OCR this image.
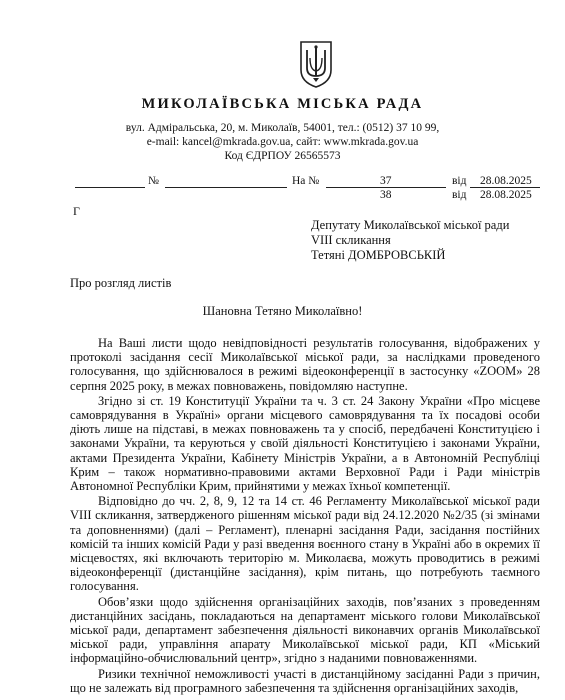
МИКОЛАЇВСЬКА МІСЬКА РАДА
вул. Адміральська, 20, м. Миколаїв, 54001, тел.: (0512) 37 10 99,
e-mail: kancel@mkrada.gov.ua, сайт: www.mkrada.gov.ua
Код ЄДРПОУ 26565573
№	На №	37
38
від
від
28.08.2025
28.08.2025
Г
Депутату Миколаївської міської ради
VIII скликання
Тетяні ДОМБРОВСЬКІЙ
Про розгляд листів
Шановна Тетяно Миколаївно!

На Ваші листи щодо невідповідності результатів голосування, відображених у протоколі засідання сесії Миколаївської міської ради, за наслідками проведеного голосування, що здійснювалося в режимі відеоконференції в застосунку «ZOOM» 28 серпня 2025 року, в межах повноважень, повідомляю наступне.

Згідно зі ст. 19 Конституції України та ч. 3 ст. 24 Закону України «Про місцеве самоврядування в Україні» органи місцевого самоврядування та їх посадові особи діють лише на підставі, в межах повноважень та у спосіб, передбачені Конституцією і законами України, та керуються у своїй діяльності Конституцією і законами України, актами Президента України, Кабінету Міністрів України, а в Автономній Республіці Крим – також нормативно-правовими актами Верховної Ради і Ради міністрів Автономної Республіки Крим, прийнятими у межах їхньої компетенції.

Відповідно до чч. 2, 8, 9, 12 та 14 ст. 46 Регламенту Миколаївської міської ради VIII скликання, затвердженого рішенням міської ради від 24.12.2020 №2/35 (зі змінами та доповненнями) (далі – Регламент), пленарні засідання Ради, засідання постійних комісій та інших комісій Ради у разі введення воєнного стану в Україні або в окремих її місцевостях, які включають територію м. Миколаєва, можуть проводитись в режимі відеоконференції (дистанційне засідання), крім питань, що потребують таємного голосування.

Обов’язки щодо здійснення організаційних заходів, пов’язаних з проведенням дистанційних засідань, покладаються на департамент міського голови Миколаївської міської ради, департамент забезпечення діяльності виконавчих органів Миколаївської міської ради, управління апарату Миколаївської міської ради, КП «Міський інформаційно-обчислювальний центр», згідно з наданими повноваженнями.

Ризики технічної неможливості участі в дистанційному засіданні Ради з причин, що не залежать від програмного забезпечення та здійснення організаційних заходів,
